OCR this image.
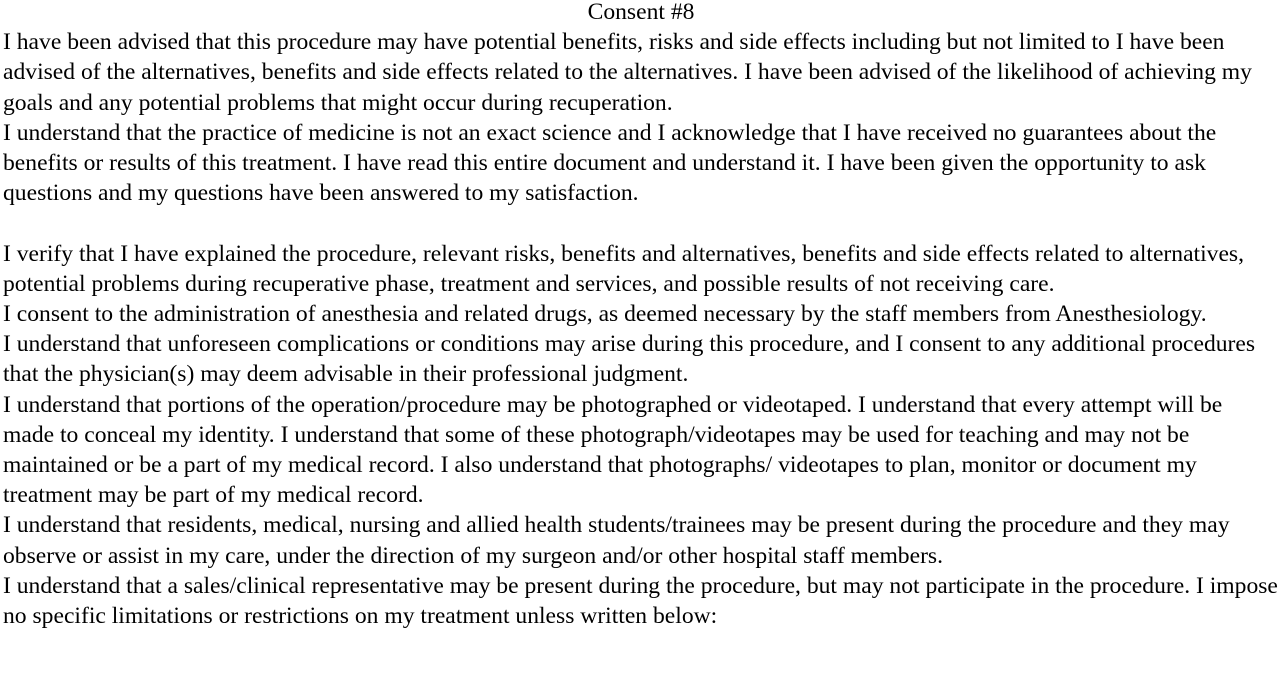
Consent #8

I have been advised that this procedure may have potential benefits, risks and side effects including but not limited to I have been advised of the alternatives, benefits and side effects related to the alternatives. I have been advised of the likelihood of achieving my goals and any potential problems that might occur during recuperation.

I understand that the practice of medicine is not an exact science and I acknowledge that I have received no guarantees about the benefits or results of this treatment. I have read this entire document and understand it. I have been given the opportunity to ask questions and my questions have been answered to my satisfaction.

I verify that I have explained the procedure, relevant risks, benefits and alternatives, benefits and side effects related to alternatives, potential problems during recuperative phase, treatment and services, and possible results of not receiving care.

I consent to the administration of anesthesia and related drugs, as deemed necessary by the staff members from Anesthesiology.

I understand that unforeseen complications or conditions may arise during this procedure, and I consent to any additional procedures that the physician(s) may deem advisable in their professional judgment.

I understand that portions of the operation/procedure may be photographed or videotaped. I understand that every attempt will be made to conceal my identity. I understand that some of these photograph/videotapes may be used for teaching and may not be maintained or be a part of my medical record. I also understand that photographs/ videotapes to plan, monitor or document my treatment may be part of my medical record.

I understand that residents, medical, nursing and allied health students/trainees may be present during the procedure and they may observe or assist in my care, under the direction of my surgeon and/or other hospital staff members.

I understand that a sales/clinical representative may be present during the procedure, but may not participate in the procedure. I impose no specific limitations or restrictions on my treatment unless written below:
